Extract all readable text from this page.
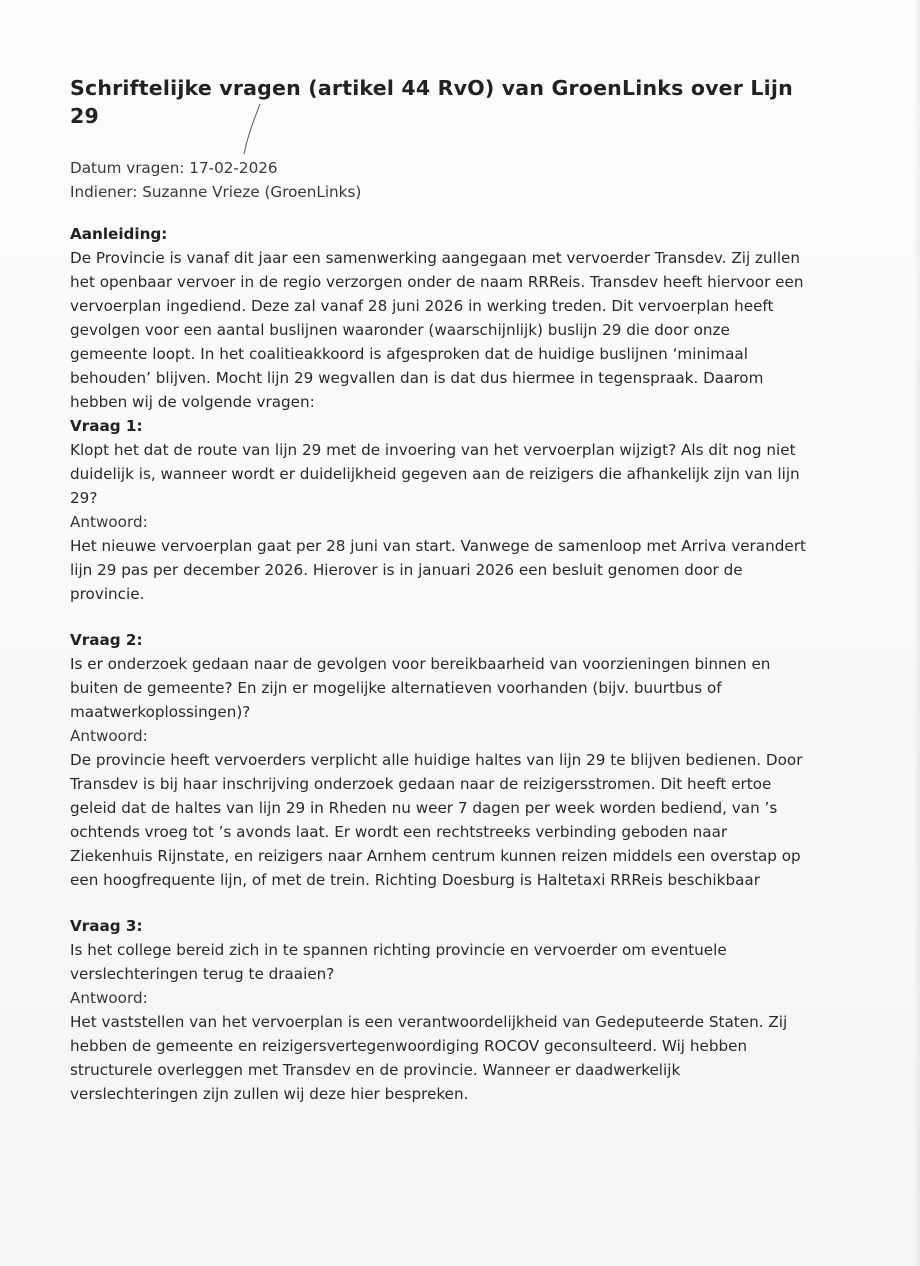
Schriftelijke vragen (artikel 44 RvO) van GroenLinks over Lijn 29

Datum vragen: 17-02-2026

Indiener: Suzanne Vrieze (GroenLinks)

Aanleiding:

De Provincie is vanaf dit jaar een samenwerking aangegaan met vervoerder Transdev. Zij zullen het openbaar vervoer in de regio verzorgen onder de naam RRReis. Transdev heeft hiervoor een vervoerplan ingediend. Deze zal vanaf 28 juni 2026 in werking treden. Dit vervoerplan heeft gevolgen voor een aantal buslijnen waaronder (waarschijnlijk) buslijn 29 die door onze gemeente loopt. In het coalitieakkoord is afgesproken dat de huidige buslijnen ‘minimaal behouden’ blijven. Mocht lijn 29 wegvallen dan is dat dus hiermee in tegenspraak. Daarom hebben wij de volgende vragen:

Vraag 1:

Klopt het dat de route van lijn 29 met de invoering van het vervoerplan wijzigt? Als dit nog niet duidelijk is, wanneer wordt er duidelijkheid gegeven aan de reizigers die afhankelijk zijn van lijn 29?

Antwoord:

Het nieuwe vervoerplan gaat per 28 juni van start. Vanwege de samenloop met Arriva verandert lijn 29 pas per december 2026. Hierover is in januari 2026 een besluit genomen door de provincie.

Vraag 2:

Is er onderzoek gedaan naar de gevolgen voor bereikbaarheid van voorzieningen binnen en buiten de gemeente? En zijn er mogelijke alternatieven voorhanden (bijv. buurtbus of maatwerkoplossingen)?

Antwoord:

De provincie heeft vervoerders verplicht alle huidige haltes van lijn 29 te blijven bedienen. Door Transdev is bij haar inschrijving onderzoek gedaan naar de reizigersstromen. Dit heeft ertoe geleid dat de haltes van lijn 29 in Rheden nu weer 7 dagen per week worden bediend, van ’s ochtends vroeg tot ’s avonds laat. Er wordt een rechtstreeks verbinding geboden naar Ziekenhuis Rijnstate, en reizigers naar Arnhem centrum kunnen reizen middels een overstap op een hoogfrequente lijn, of met de trein. Richting Doesburg is Haltetaxi RRReis beschikbaar

Vraag 3:

Is het college bereid zich in te spannen richting provincie en vervoerder om eventuele verslechteringen terug te draaien?

Antwoord:

Het vaststellen van het vervoerplan is een verantwoordelijkheid van Gedeputeerde Staten. Zij hebben de gemeente en reizigersvertegenwoordiging ROCOV geconsulteerd. Wij hebben structurele overleggen met Transdev en de provincie. Wanneer er daadwerkelijk verslechteringen zijn zullen wij deze hier bespreken.
